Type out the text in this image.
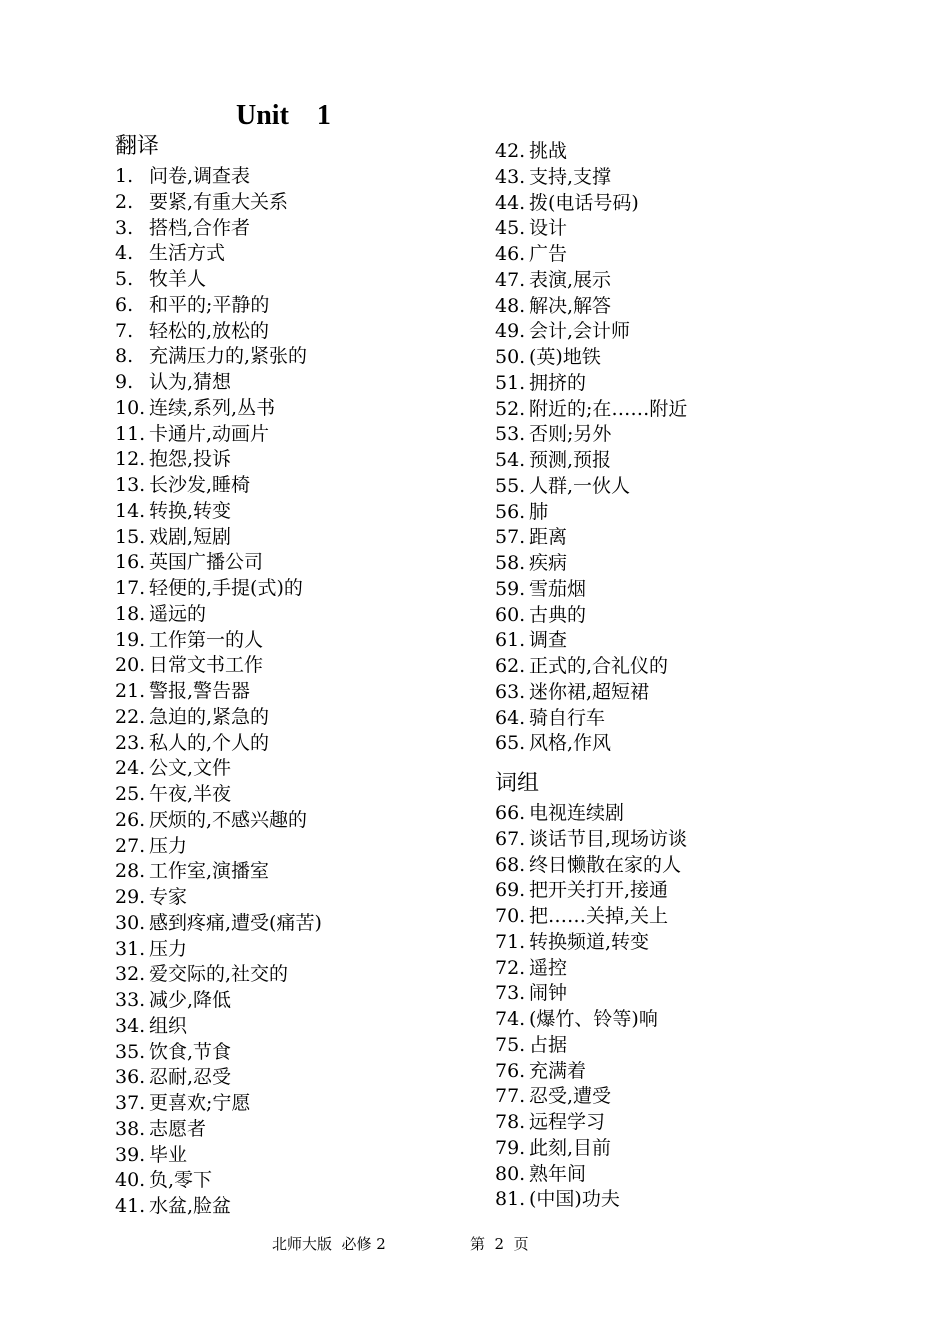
Unit    1
翻译
1. 问卷,调查表
2. 要紧,有重大关系
3. 搭档,合作者
4. 生活方式
5. 牧羊人
6. 和平的;平静的
7. 轻松的,放松的
8. 充满压力的,紧张的
9. 认为,猜想
10. 连续,系列,丛书
11. 卡通片,动画片
12. 抱怨,投诉
13. 长沙发,睡椅
14. 转换,转变
15. 戏剧,短剧
16. 英国广播公司
17. 轻便的,手提(式)的
18. 遥远的
19. 工作第一的人
20. 日常文书工作
21. 警报,警告器
22. 急迫的,紧急的
23. 私人的,个人的
24. 公文,文件
25. 午夜,半夜
26. 厌烦的,不感兴趣的
27. 压力
28. 工作室,演播室
29. 专家
30. 感到疼痛,遭受(痛苦)
31. 压力
32. 爱交际的,社交的
33. 减少,降低
34. 组织
35. 饮食,节食
36. 忍耐,忍受
37. 更喜欢;宁愿
38. 志愿者
39. 毕业
40. 负,零下
41. 水盆,脸盆
42. 挑战
43. 支持,支撑
44. 拨(电话号码)
45. 设计
46. 广告
47. 表演,展示
48. 解决,解答
49. 会计,会计师
50. (英)地铁
51. 拥挤的
52. 附近的;在……附近
53. 否则;另外
54. 预测,预报
55. 人群,一伙人
56. 肺
57. 距离
58. 疾病
59. 雪茄烟
60. 古典的
61. 调查
62. 正式的,合礼仪的
63. 迷你裙,超短裙
64. 骑自行车
65. 风格,作风
词组
66. 电视连续剧
67. 谈话节目,现场访谈
68. 终日懒散在家的人
69. 把开关打开,接通
70. 把……关掉,关上
71. 转换频道,转变
72. 遥控
73. 闹钟
74. (爆竹、铃等)响
75. 占据
76. 充满着
77. 忍受,遭受
78. 远程学习
79. 此刻,目前
80. 熟年间
81. (中国)功夫
北师大版  必修 2	第  2  页
